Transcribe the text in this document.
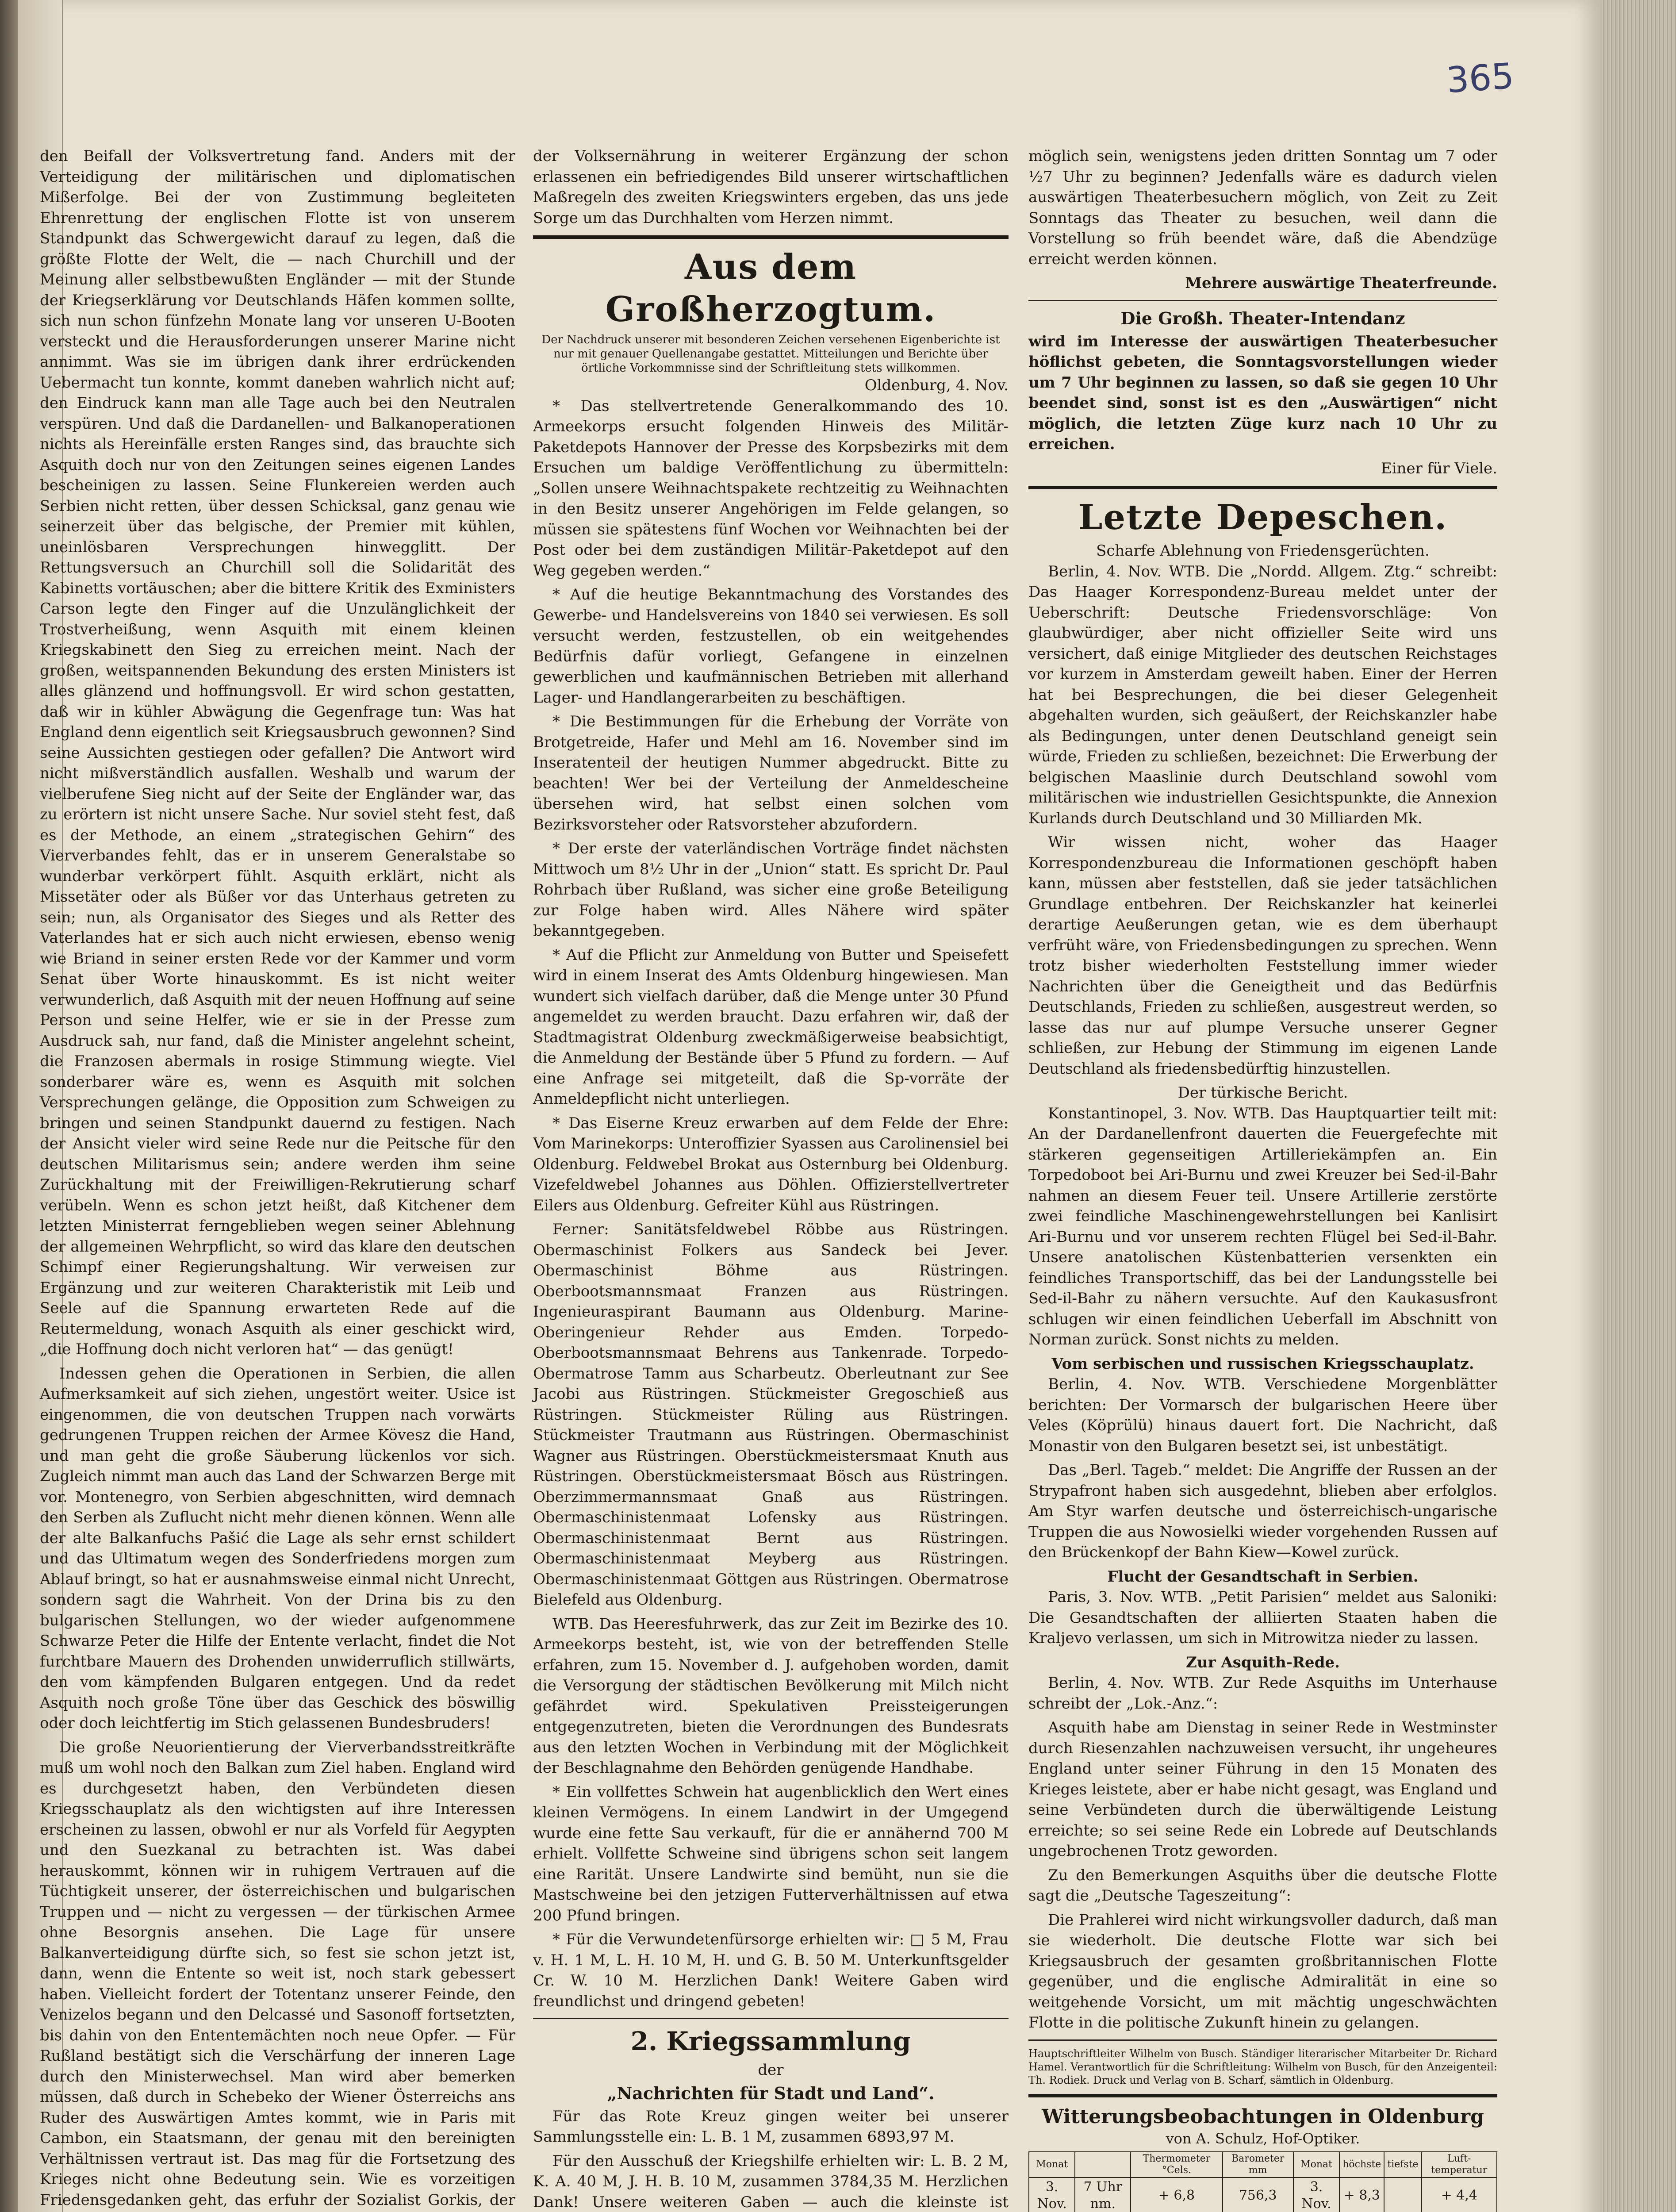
365

den Beifall der Volksvertretung fand. Anders mit der Verteidigung der militärischen und diplomatischen Mißerfolge. Bei der von Zustimmung begleiteten Ehrenrettung der englischen Flotte ist von unserem Standpunkt das Schwergewicht darauf zu legen, daß die größte Flotte der Welt, die — nach Churchill und der Meinung aller selbstbewußten Engländer — mit der Stunde der Kriegserklärung vor Deutschlands Häfen kommen sollte, sich nun schon fünfzehn Monate lang vor unseren U-Booten versteckt und die Herausforderungen unserer Marine nicht annimmt. Was sie im übrigen dank ihrer erdrückenden Uebermacht tun konnte, kommt daneben wahrlich nicht auf; den Eindruck kann man alle Tage auch bei den Neutralen verspüren. Und daß die Dardanellen- und Balkanoperationen nichts als Hereinfälle ersten Ranges sind, das brauchte sich Asquith doch nur von den Zeitungen seines eigenen Landes bescheinigen zu lassen. Seine Flunkereien werden auch Serbien nicht retten, über dessen Schicksal, ganz genau wie seinerzeit über das belgische, der Premier mit kühlen, uneinlösbaren Versprechungen hinwegglitt. Der Rettungsversuch an Churchill soll die Solidarität des Kabinetts vortäuschen; aber die bittere Kritik des Exministers Carson legte den Finger auf die Unzulänglichkeit der Trostverheißung, wenn Asquith mit einem kleinen Kriegskabinett den Sieg zu erreichen meint. Nach der großen, weitspannenden Bekundung des ersten Ministers ist alles glänzend und hoffnungsvoll. Er wird schon gestatten, daß wir in kühler Abwägung die Gegenfrage tun: Was hat England denn eigentlich seit Kriegsausbruch gewonnen? Sind seine Aussichten gestiegen oder gefallen? Die Antwort wird nicht mißverständlich ausfallen. Weshalb und warum der vielberufene Sieg nicht auf der Seite der Engländer war, das zu erörtern ist nicht unsere Sache. Nur soviel steht fest, daß es der Methode, an einem „strategischen Gehirn“ des Vierverbandes fehlt, das er in unserem Generalstabe so wunderbar verkörpert fühlt. Asquith erklärt, nicht als Missetäter oder als Büßer vor das Unterhaus getreten zu sein; nun, als Organisator des Sieges und als Retter des Vaterlandes hat er sich auch nicht erwiesen, ebenso wenig wie Briand in seiner ersten Rede vor der Kammer und vorm Senat über Worte hinauskommt. Es ist nicht weiter verwunderlich, daß Asquith mit der neuen Hoffnung auf seine Person und seine Helfer, wie er sie in der Presse zum Ausdruck sah, nur fand, daß die Minister angelehnt scheint, die Franzosen abermals in rosige Stimmung wiegte. Viel sonderbarer wäre es, wenn es Asquith mit solchen Versprechungen gelänge, die Opposition zum Schweigen zu bringen und seinen Standpunkt dauernd zu festigen. Nach der Ansicht vieler wird seine Rede nur die Peitsche für den deutschen Militarismus sein; andere werden ihm seine Zurückhaltung mit der Freiwilligen-Rekrutierung scharf verübeln. Wenn es schon jetzt heißt, daß Kitchener dem letzten Ministerrat ferngeblieben wegen seiner Ablehnung der allgemeinen Wehrpflicht, so wird das klare den deutschen Schimpf einer Regierungshaltung. Wir verweisen zur Ergänzung und zur weiteren Charakteristik mit Leib und Seele auf die Spannung erwarteten Rede auf die Reutermeldung, wonach Asquith als einer geschickt wird, „die Hoffnung doch nicht verloren hat“ — das genügt!

Indessen gehen die Operationen in Serbien, die allen Aufmerksamkeit auf sich ziehen, ungestört weiter. Usice ist eingenommen, die von deutschen Truppen nach vorwärts gedrungenen Truppen reichen der Armee Kövesz die Hand, und man geht die große Säuberung lückenlos vor sich. Zugleich nimmt man auch das Land der Schwarzen Berge mit vor. Montenegro, von Serbien abgeschnitten, wird demnach den Serben als Zuflucht nicht mehr dienen können. Wenn alle der alte Balkanfuchs Pašić die Lage als sehr ernst schildert und das Ultimatum wegen des Sonderfriedens morgen zum Ablauf bringt, so hat er ausnahmsweise einmal nicht Unrecht, sondern sagt die Wahrheit. Von der Drina bis zu den bulgarischen Stellungen, wo der wieder aufgenommene Schwarze Peter die Hilfe der Entente verlacht, findet die Not furchtbare Mauern des Drohenden unwiderruflich stillwärts, den vom kämpfenden Bulgaren entgegen. Und da redet Asquith noch große Töne über das Geschick des böswillig oder doch leichtfertig im Stich gelassenen Bundesbruders!

Die große Neuorientierung der Vierverbandsstreitkräfte muß um wohl noch den Balkan zum Ziel haben. England wird es durchgesetzt haben, den Verbündeten diesen Kriegsschauplatz als den wichtigsten auf ihre Interessen erscheinen zu lassen, obwohl er nur als Vorfeld für Aegypten und den Suezkanal zu betrachten ist. Was dabei herauskommt, können wir in ruhigem Vertrauen auf die Tüchtigkeit unserer, der österreichischen und bulgarischen Truppen und — nicht zu vergessen — der türkischen Armee ohne Besorgnis ansehen. Die Lage für unsere Balkanverteidigung dürfte sich, so fest sie schon jetzt ist, dann, wenn die Entente so weit ist, noch stark gebessert haben. Vielleicht fordert der Totentanz unserer Feinde, den Venizelos begann und den Delcassé und Sasonoff fortsetzten, bis dahin von den Ententemächten noch neue Opfer. — Für Rußland bestätigt sich die Verschärfung der inneren Lage durch den Ministerwechsel. Man wird aber bemerken müssen, daß durch in Schebeko der Wiener Österreichs ans Ruder des Auswärtigen Amtes kommt, wie in Paris mit Cambon, ein Staatsmann, der genau mit den bereinigten Verhältnissen vertraut ist. Das mag für die Fortsetzung des Krieges nicht ohne Bedeutung sein. Wie es vorzeitigen Friedensgedanken geht, das erfuhr der Sozialist Gorkis, der

der Volksernährung in weiterer Ergänzung der schon erlassenen ein befriedigendes Bild unserer wirtschaftlichen Maßregeln des zweiten Kriegswinters ergeben, das uns jede Sorge um das Durchhalten vom Herzen nimmt.

Aus dem Großherzogtum.
Der Nachdruck unserer mit besonderen Zeichen versehenen Eigenberichte ist nur mit genauer Quellenangabe gestattet. Mitteilungen und Berichte über örtliche Vorkommnisse sind der Schriftleitung stets willkommen.
Oldenburg, 4. Nov.

* Das stellvertretende Generalkommando des 10. Armeekorps ersucht folgenden Hinweis des Militär-Paketdepots Hannover der Presse des Korpsbezirks mit dem Ersuchen um baldige Veröffentlichung zu übermitteln: „Sollen unsere Weihnachtspakete rechtzeitig zu Weihnachten in den Besitz unserer Angehörigen im Felde gelangen, so müssen sie spätestens fünf Wochen vor Weihnachten bei der Post oder bei dem zuständigen Militär-Paketdepot auf den Weg gegeben werden.“

* Auf die heutige Bekanntmachung des Vorstandes des Gewerbe- und Handelsvereins von 1840 sei verwiesen. Es soll versucht werden, festzustellen, ob ein weitgehendes Bedürfnis dafür vorliegt, Gefangene in einzelnen gewerblichen und kaufmännischen Betrieben mit allerhand Lager- und Handlangerarbeiten zu beschäftigen.

* Die Bestimmungen für die Erhebung der Vorräte von Brotgetreide, Hafer und Mehl am 16. November sind im Inseratenteil der heutigen Nummer abgedruckt. Bitte zu beachten! Wer bei der Verteilung der Anmeldescheine übersehen wird, hat selbst einen solchen vom Bezirksvorsteher oder Ratsvorsteher abzufordern.

* Der erste der vaterländischen Vorträge findet nächsten Mittwoch um 8½ Uhr in der „Union“ statt. Es spricht Dr. Paul Rohrbach über Rußland, was sicher eine große Beteiligung zur Folge haben wird. Alles Nähere wird später bekanntgegeben.

* Auf die Pflicht zur Anmeldung von Butter und Speisefett wird in einem Inserat des Amts Oldenburg hingewiesen. Man wundert sich vielfach darüber, daß die Menge unter 30 Pfund angemeldet zu werden braucht. Dazu erfahren wir, daß der Stadtmagistrat Oldenburg zweckmäßigerweise beabsichtigt, die Anmeldung der Bestände über 5 Pfund zu fordern. — Auf eine Anfrage sei mitgeteilt, daß die Sp-vorräte der Anmeldepflicht nicht unterliegen.

* Das Eiserne Kreuz erwarben auf dem Felde der Ehre: Vom Marinekorps: Unteroffizier Syassen aus Carolinensiel bei Oldenburg. Feldwebel Brokat aus Osternburg bei Oldenburg. Vizefeldwebel Johannes aus Döhlen. Offizierstellvertreter Eilers aus Oldenburg. Gefreiter Kühl aus Rüstringen.

Ferner: Sanitätsfeldwebel Röbbe aus Rüstringen. Obermaschinist Folkers aus Sandeck bei Jever. Obermaschinist Böhme aus Rüstringen. Oberbootsmannsmaat Franzen aus Rüstringen. Ingenieuraspirant Baumann aus Oldenburg. Marine-Oberingenieur Rehder aus Emden. Torpedo-Oberbootsmannsmaat Behrens aus Tankenrade. Torpedo-Obermatrose Tamm aus Scharbeutz. Oberleutnant zur See Jacobi aus Rüstringen. Stückmeister Gregoschieß aus Rüstringen. Stückmeister Rüling aus Rüstringen. Stückmeister Trautmann aus Rüstringen. Obermaschinist Wagner aus Rüstringen. Oberstückmeistersmaat Knuth aus Rüstringen. Oberstückmeistersmaat Bösch aus Rüstringen. Oberzimmermannsmaat Gnaß aus Rüstringen. Obermaschinistenmaat Lofensky aus Rüstringen. Obermaschinistenmaat Bernt aus Rüstringen. Obermaschinistenmaat Meyberg aus Rüstringen. Obermaschinistenmaat Göttgen aus Rüstringen. Obermatrose Bielefeld aus Oldenburg.

WTB. Das Heeresfuhrwerk, das zur Zeit im Bezirke des 10. Armeekorps besteht, ist, wie von der betreffenden Stelle erfahren, zum 15. November d. J. aufgehoben worden, damit die Versorgung der städtischen Bevölkerung mit Milch nicht gefährdet wird. Spekulativen Preissteigerungen entgegenzutreten, bieten die Verordnungen des Bundesrats aus den letzten Wochen in Verbindung mit der Möglichkeit der Beschlagnahme den Behörden genügende Handhabe.

* Ein vollfettes Schwein hat augenblicklich den Wert eines kleinen Vermögens. In einem Landwirt in der Umgegend wurde eine fette Sau verkauft, für die er annähernd 700 M erhielt. Vollfette Schweine sind übrigens schon seit langem eine Rarität. Unsere Landwirte sind bemüht, nun sie die Mastschweine bei den jetzigen Futterverhältnissen auf etwa 200 Pfund bringen.

* Für die Verwundetenfürsorge erhielten wir: □ 5 M, Frau v. H. 1 M, L. H. 10 M, H. und G. B. 50 M. Unterkunftsgelder Cr. W. 10 M. Herzlichen Dank! Weitere Gaben wird freundlichst und dringend gebeten!

2. Kriegssammlung
der
„Nachrichten für Stadt und Land“.

Für das Rote Kreuz gingen weiter bei unserer Sammlungsstelle ein: L. B. 1 M, zusammen 6893,97 M.

Für den Ausschuß der Kriegshilfe erhielten wir: L. B. 2 M, K. A. 40 M, J. H. B. 10 M, zusammen 3784,35 M. Herzlichen Dank! Unsere weiteren Gaben — auch die kleinste ist

möglich sein, wenigstens jeden dritten Sonntag um 7 oder ½7 Uhr zu beginnen? Jedenfalls wäre es dadurch vielen auswärtigen Theaterbesuchern möglich, von Zeit zu Zeit Sonntags das Theater zu besuchen, weil dann die Vorstellung so früh beendet wäre, daß die Abendzüge erreicht werden können.

Mehrere auswärtige Theaterfreunde.
Die Großh. Theater-Intendanz

wird im Interesse der auswärtigen Theaterbesucher höflichst gebeten, die Sonntagsvorstellungen wieder um 7 Uhr beginnen zu lassen, so daß sie gegen 10 Uhr beendet sind, sonst ist es den „Auswärtigen“ nicht möglich, die letzten Züge kurz nach 10 Uhr zu erreichen.

Einer für Viele.
Letzte Depeschen.
Scharfe Ablehnung von Friedensgerüchten.

Berlin, 4. Nov. WTB. Die „Nordd. Allgem. Ztg.“ schreibt: Das Haager Korrespondenz-Bureau meldet unter der Ueberschrift: Deutsche Friedensvorschläge: Von glaubwürdiger, aber nicht offizieller Seite wird uns versichert, daß einige Mitglieder des deutschen Reichstages vor kurzem in Amsterdam geweilt haben. Einer der Herren hat bei Besprechungen, die bei dieser Gelegenheit abgehalten wurden, sich geäußert, der Reichskanzler habe als Bedingungen, unter denen Deutschland geneigt sein würde, Frieden zu schließen, bezeichnet: Die Erwerbung der belgischen Maaslinie durch Deutschland sowohl vom militärischen wie industriellen Gesichtspunkte, die Annexion Kurlands durch Deutschland und 30 Milliarden Mk.

Wir wissen nicht, woher das Haager Korrespondenzbureau die Informationen geschöpft haben kann, müssen aber feststellen, daß sie jeder tatsächlichen Grundlage entbehren. Der Reichskanzler hat keinerlei derartige Aeußerungen getan, wie es dem überhaupt verfrüht wäre, von Friedensbedingungen zu sprechen. Wenn trotz bisher wiederholten Feststellung immer wieder Nachrichten über die Geneigtheit und das Bedürfnis Deutschlands, Frieden zu schließen, ausgestreut werden, so lasse das nur auf plumpe Versuche unserer Gegner schließen, zur Hebung der Stimmung im eigenen Lande Deutschland als friedensbedürftig hinzustellen.

Der türkische Bericht.

Konstantinopel, 3. Nov. WTB. Das Hauptquartier teilt mit: An der Dardanellenfront dauerten die Feuergefechte mit stärkeren gegenseitigen Artilleriekämpfen an. Ein Torpedoboot bei Ari-Burnu und zwei Kreuzer bei Sed-il-Bahr nahmen an diesem Feuer teil. Unsere Artillerie zerstörte zwei feindliche Maschinengewehrstellungen bei Kanlisirt Ari-Burnu und vor unserem rechten Flügel bei Sed-il-Bahr. Unsere anatolischen Küstenbatterien versenkten ein feindliches Transportschiff, das bei der Landungsstelle bei Sed-il-Bahr zu nähern versuchte. Auf den Kaukasusfront schlugen wir einen feindlichen Ueberfall im Abschnitt von Norman zurück. Sonst nichts zu melden.

Vom serbischen und russischen Kriegsschauplatz.

Berlin, 4. Nov. WTB. Verschiedene Morgenblätter berichten: Der Vormarsch der bulgarischen Heere über Veles (Köprülü) hinaus dauert fort. Die Nachricht, daß Monastir von den Bulgaren besetzt sei, ist unbestätigt.

Das „Berl. Tageb.“ meldet: Die Angriffe der Russen an der Strypafront haben sich ausgedehnt, blieben aber erfolglos. Am Styr warfen deutsche und österreichisch-ungarische Truppen die aus Nowosielki wieder vorgehenden Russen auf den Brückenkopf der Bahn Kiew—Kowel zurück.

Flucht der Gesandtschaft in Serbien.

Paris, 3. Nov. WTB. „Petit Parisien“ meldet aus Saloniki: Die Gesandtschaften der alliierten Staaten haben die Kraljevo verlassen, um sich in Mitrowitza nieder zu lassen.

Zur Asquith-Rede.

Berlin, 4. Nov. WTB. Zur Rede Asquiths im Unterhause schreibt der „Lok.-Anz.“:

Asquith habe am Dienstag in seiner Rede in Westminster durch Riesenzahlen nachzuweisen versucht, ihr ungeheures England unter seiner Führung in den 15 Monaten des Krieges leistete, aber er habe nicht gesagt, was England und seine Verbündeten durch die überwältigende Leistung erreichte; so sei seine Rede ein Lobrede auf Deutschlands ungebrochenen Trotz geworden.

Zu den Bemerkungen Asquiths über die deutsche Flotte sagt die „Deutsche Tageszeitung“:

Die Prahlerei wird nicht wirkungsvoller dadurch, daß man sie wiederholt. Die deutsche Flotte war sich bei Kriegsausbruch der gesamten großbritannischen Flotte gegenüber, und die englische Admiralität in eine so weitgehende Vorsicht, um mit mächtig ungeschwächten Flotte in die politische Zukunft hinein zu gelangen.

Hauptschriftleiter Wilhelm von Busch. Ständiger literarischer Mitarbeiter Dr. Richard Hamel. Verantwortlich für die Schriftleitung: Wilhelm von Busch, für den Anzeigenteil: Th. Rodiek. Druck und Verlag von B. Scharf, sämtlich in Oldenburg.
Witterungsbeobachtungen in Oldenburg
von A. Schulz, Hof-Optiker.
Monat		Thermometer °Cels.	Barometer mm	Monat	höchste	tiefste	Luft-temperatur
3. Nov.	7 Uhr nm.	+ 6,8	756,3	3. Nov.	+ 8,3		+ 4,4
